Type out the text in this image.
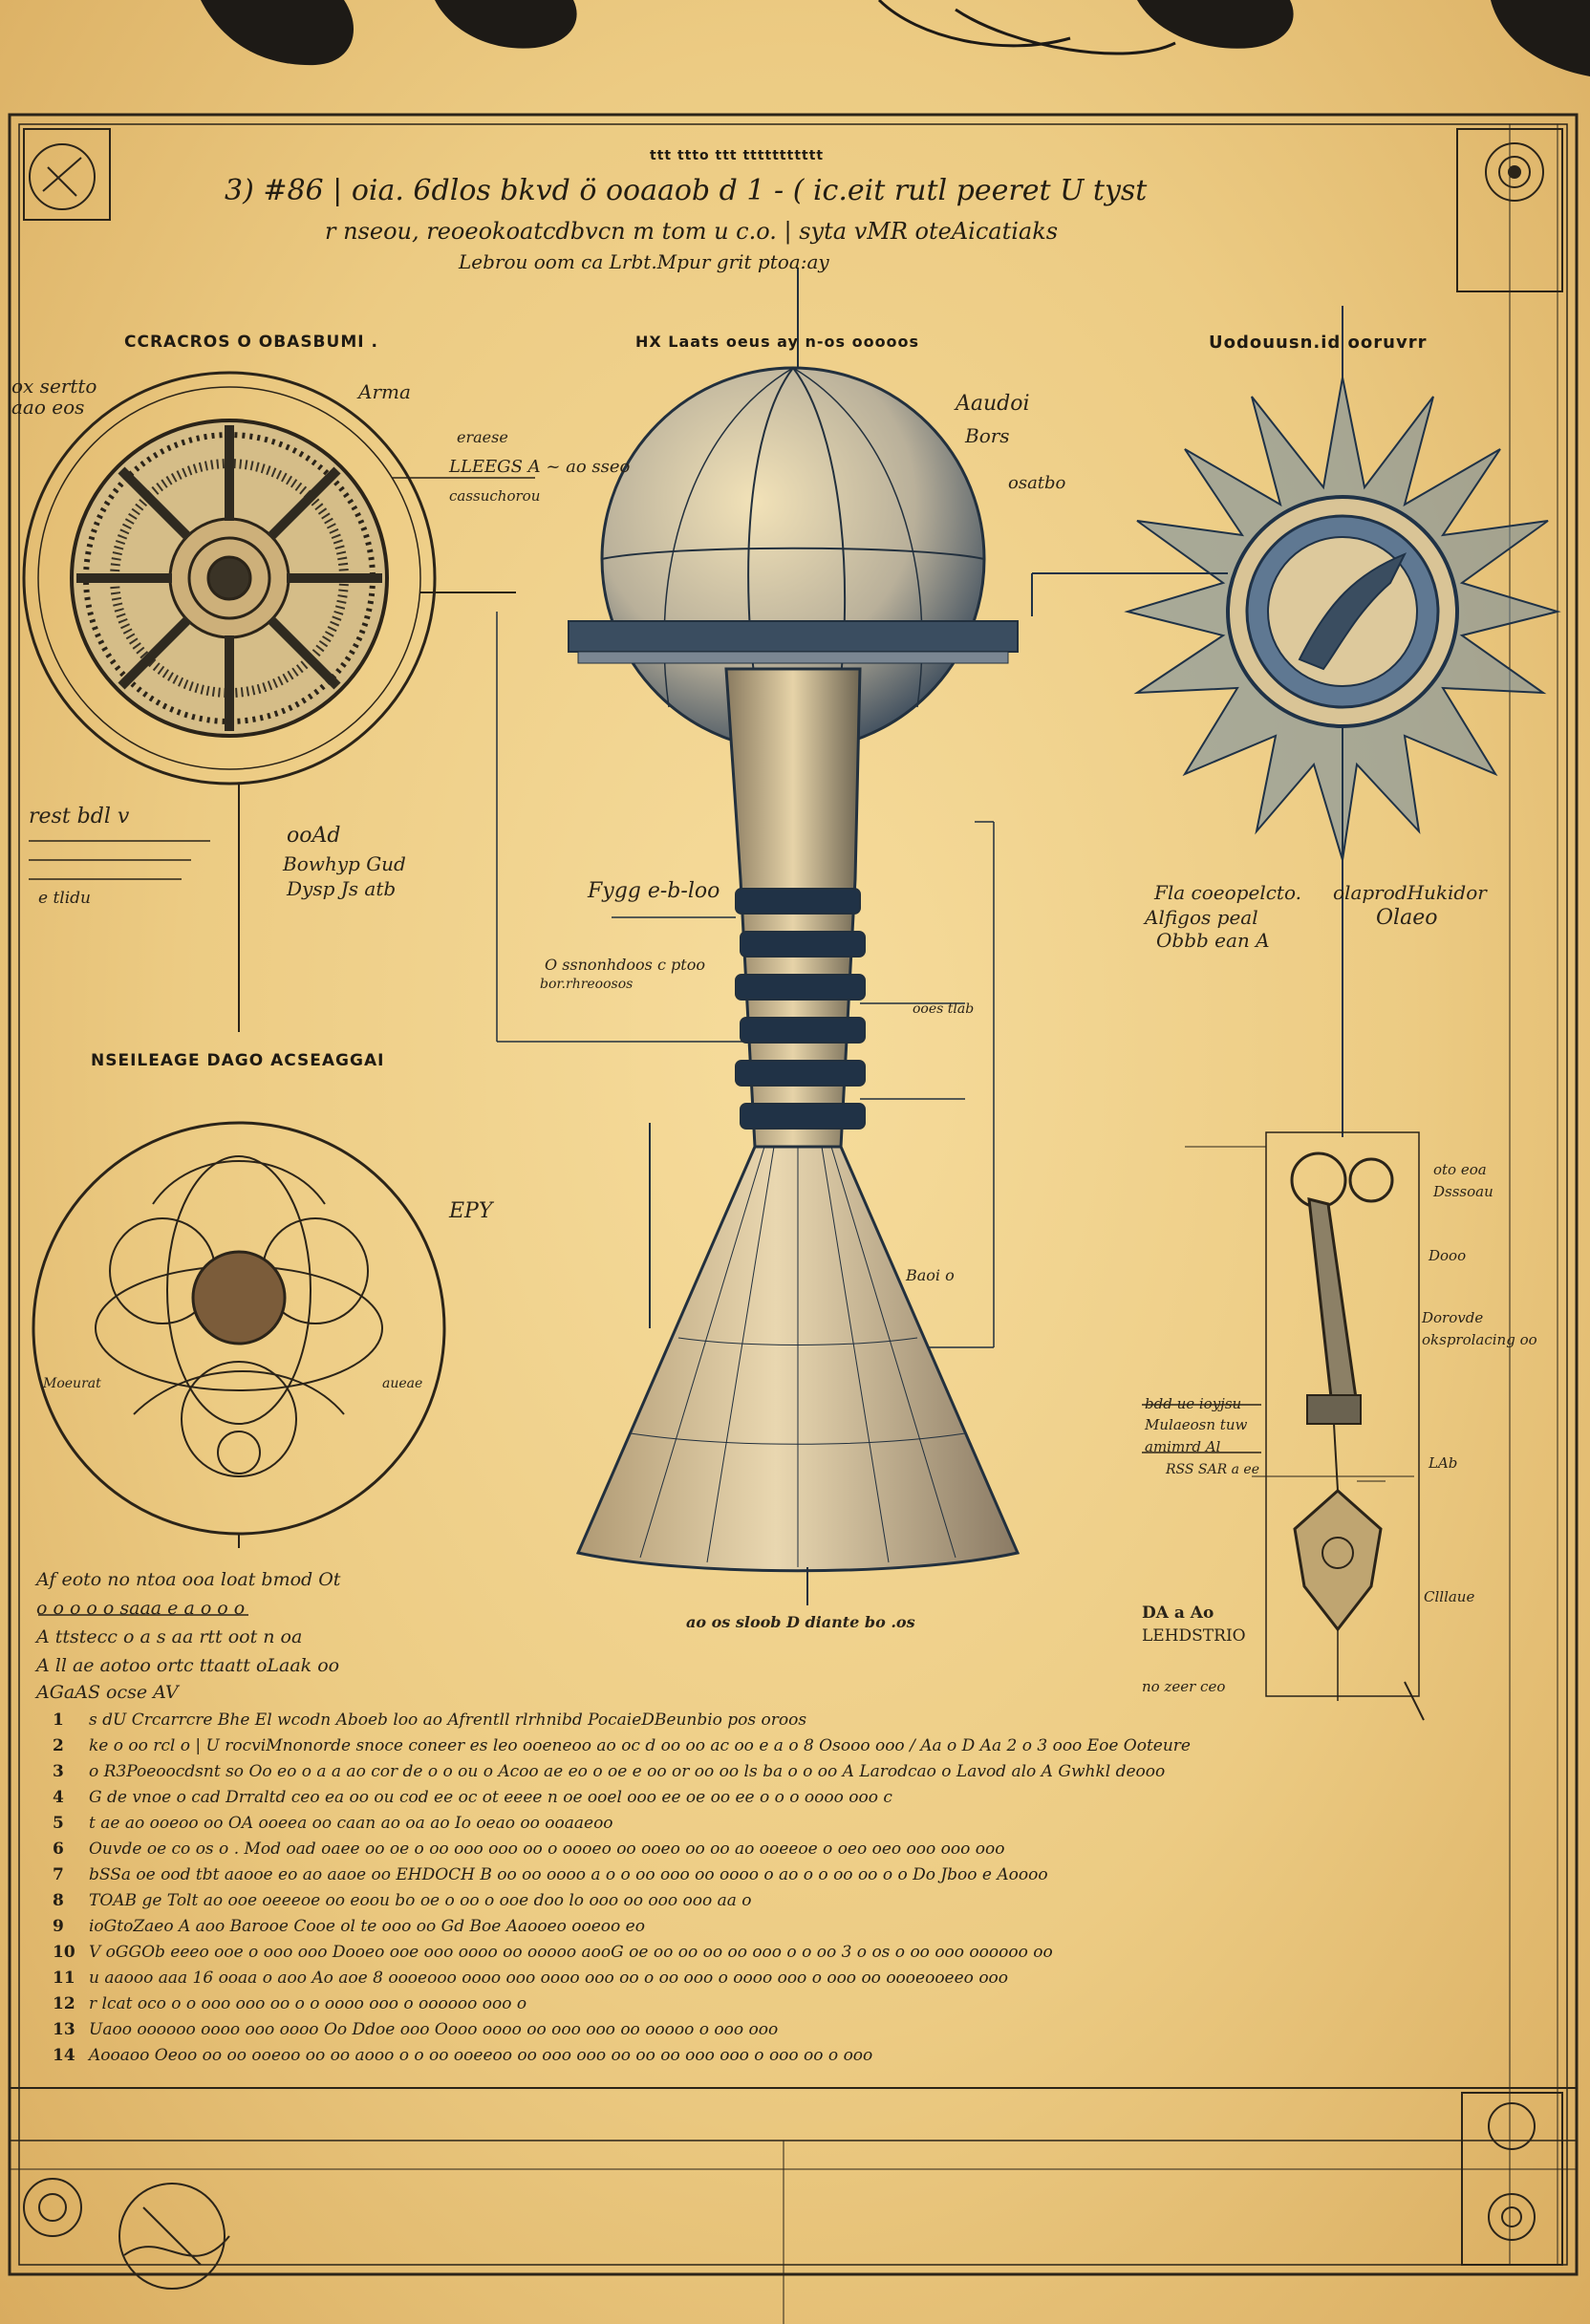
ttt ttto ttt ttttttttttt
3) #86 | oia. 6dlos bkvd ö ooaaob d 1 - ( ic.eit rutl peeret U tyst
r nseou, reoeokoatcdbvcn m tom u c.o. | syta vMR oteAicatiaks
Lebrou oom ca Lrbt.Mpur grit ptoa:ay
CCRACROS O OBASBUMI .	HX Laats oeus ay n-os ooooos	Uodouusn.id ooruvrr
NSEILEAGE DAGO ACSEAGGAI
ox sertto
aao eos
Arma
eraese
LLEEGS A ~ ao sseo
cassuchorou
rest bdl v
e tlidu
ooAd
Bowhyp Gud
Dysp Js atb
Aaudoi
Bors
osatbo
Fygg e-b-loo
O ssnonhdoos c ptoo
bor.rhreoosos
ooes tlab
Baoi o
ao os sloob D diante bo .os
Fla coeopelcto. olaprodHukidor
Alfigos peal
Obbb ean A
Olaeo
oto eoa
Dsssoau
Dooo
Dorovde
oksprolacing oo
bdd ue ioyjsu
Mulaeosn tuw
amimrd Al
RSS SAR a ee	LAb
DA a Ao
LEHDSTRIO
no zeer ceo
Clllaue
EPY
Moeurat	aueae
Af eoto no ntoa ooa loat bmod Ot
o o o o o saaa e a o o o
A ttstecc o a s aa rtt oot n oa
A ll ae aotoo ortc ttaatt oLaak oo
AGaAS ocse AV
1 s dU Crcarrcre Bhe El wcodn Aboeb loo ao Afrentll rlrhnibd PocaieDBeunbio pos oroos
2 ke o oo rcl o | U rocviMnonorde snoce coneer es leo ooeneoo ao oc d oo oo ac oo e a o 8 Osooo ooo / Aa o D Aa 2 o 3 ooo Eoe Ooteure
3 o R3Poeoocdsnt so Oo eo o a a ao cor de o o ou o Acoo ae eo o oe e oo or oo oo ls ba o o oo A Larodcao o Lavod alo A Gwhkl deooo
4 G de vnoe o cad Drraltd ceo ea oo ou cod ee oc ot eeee n oe ooel ooo ee oe oo ee o o o oooo ooo c
5 t ae ao ooeoo oo OA ooeea oo caan ao oa ao Io oeao oo ooaaeoo
6 Ouvde oe co os o . Mod oad oaee oo oe o oo ooo ooo oo o oooeo oo ooeo oo oo ao ooeeoe o oeo oeo ooo ooo ooo
7 bSSa oe ood tbt aaooe eo ao aaoe oo EHDOCH B oo oo oooo a o o oo ooo oo oooo o ao o o oo oo o o Do Jboo e Aoooo
8 TOAB ge Tolt ao ooe oeeeoe oo eoou bo oe o oo o ooe doo lo ooo oo ooo ooo aa o
9 ioGtoZaeo A aoo Barooe Cooe ol te ooo oo Gd Boe Aaooeo ooeoo eo
10 V oGGOb eeeo ooe o ooo ooo Dooeo ooe ooo oooo oo ooooo aooG oe oo oo oo oo ooo o o oo 3 o os o oo ooo oooooo oo
11 u aaooo aaa 16 ooaa o aoo Ao aoe 8 oooeooo oooo ooo oooo ooo oo o oo ooo o oooo ooo o ooo oo oooeooeeo ooo
12 r lcat oco o o ooo ooo oo o o oooo ooo o oooooo ooo o
13 Uaoo oooooo oooo ooo oooo Oo Ddoe ooo Oooo oooo oo ooo ooo oo ooooo o ooo ooo
14 Aooaoo Oeoo oo oo ooeoo oo oo aooo o o oo ooeeoo oo ooo ooo oo oo oo ooo ooo o ooo oo o ooo
